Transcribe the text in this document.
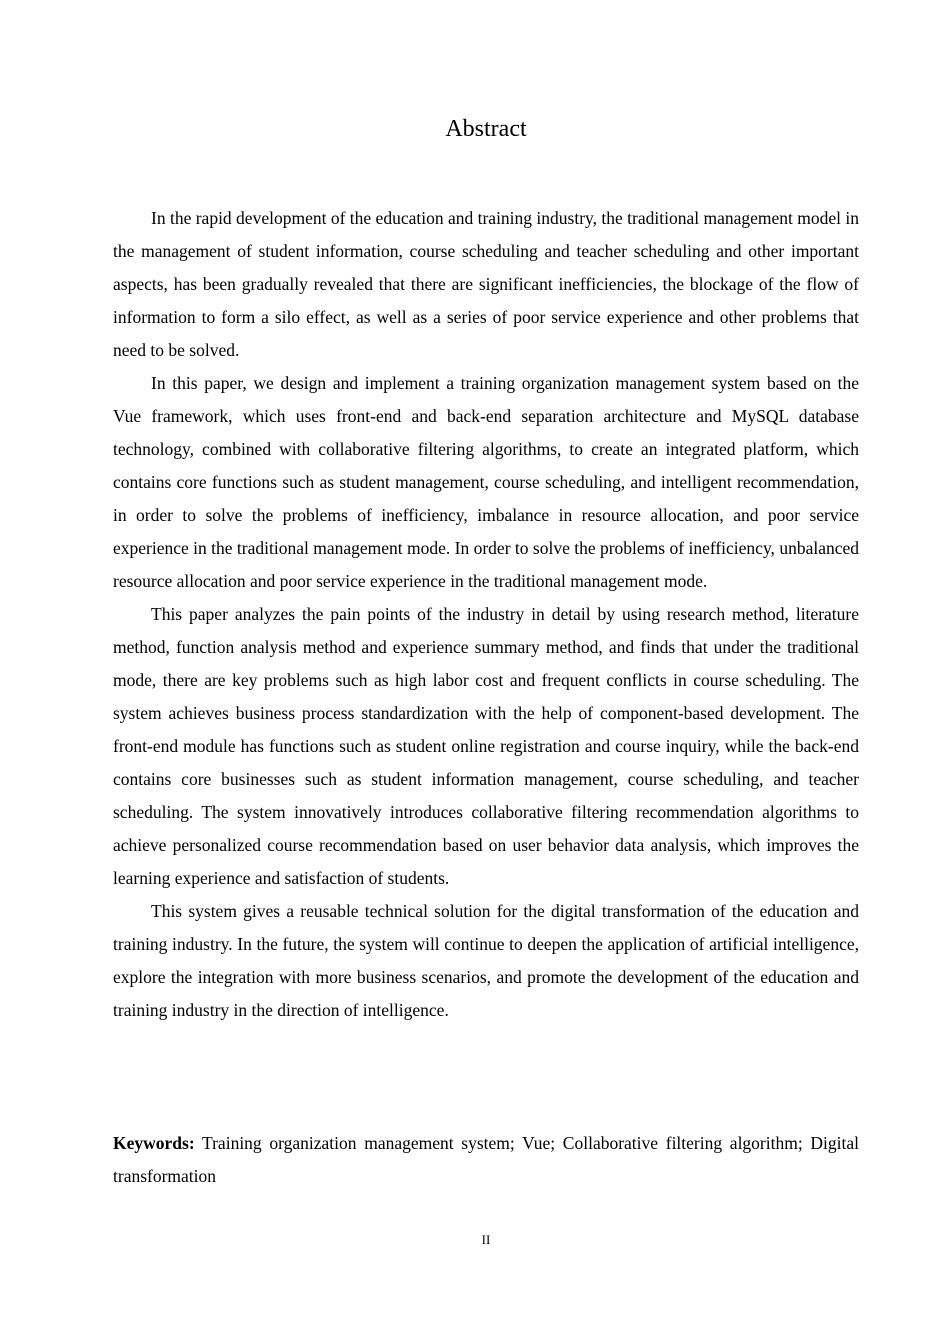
Abstract

In the rapid development of the education and training industry, the traditional management model in the management of student information, course scheduling and teacher scheduling and other important aspects, has been gradually revealed that there are significant inefficiencies, the blockage of the flow of information to form a silo effect, as well as a series of poor service experience and other problems that need to be solved.

In this paper, we design and implement a training organization management system based on the Vue framework, which uses front-end and back-end separation architecture and MySQL database technology, combined with collaborative filtering algorithms, to create an integrated platform, which contains core functions such as student management, course scheduling, and intelligent recommendation, in order to solve the problems of inefficiency, imbalance in resource allocation, and poor service experience in the traditional management mode. In order to solve the problems of inefficiency, unbalanced resource allocation and poor service experience in the traditional management mode.

This paper analyzes the pain points of the industry in detail by using research method, literature method, function analysis method and experience summary method, and finds that under the traditional mode, there are key problems such as high labor cost and frequent conflicts in course scheduling. The system achieves business process standardization with the help of component-based development. The front-end module has functions such as student online registration and course inquiry, while the back-end contains core businesses such as student information management, course scheduling, and teacher scheduling. The system innovatively introduces collaborative filtering recommendation algorithms to achieve personalized course recommendation based on user behavior data analysis, which improves the learning experience and satisfaction of students.

This system gives a reusable technical solution for the digital transformation of the education and training industry. In the future, the system will continue to deepen the application of artificial intelligence, explore the integration with more business scenarios, and promote the development of the education and training industry in the direction of intelligence.

Keywords: Training organization management system; Vue; Collaborative filtering algorithm; Digital transformation
II
